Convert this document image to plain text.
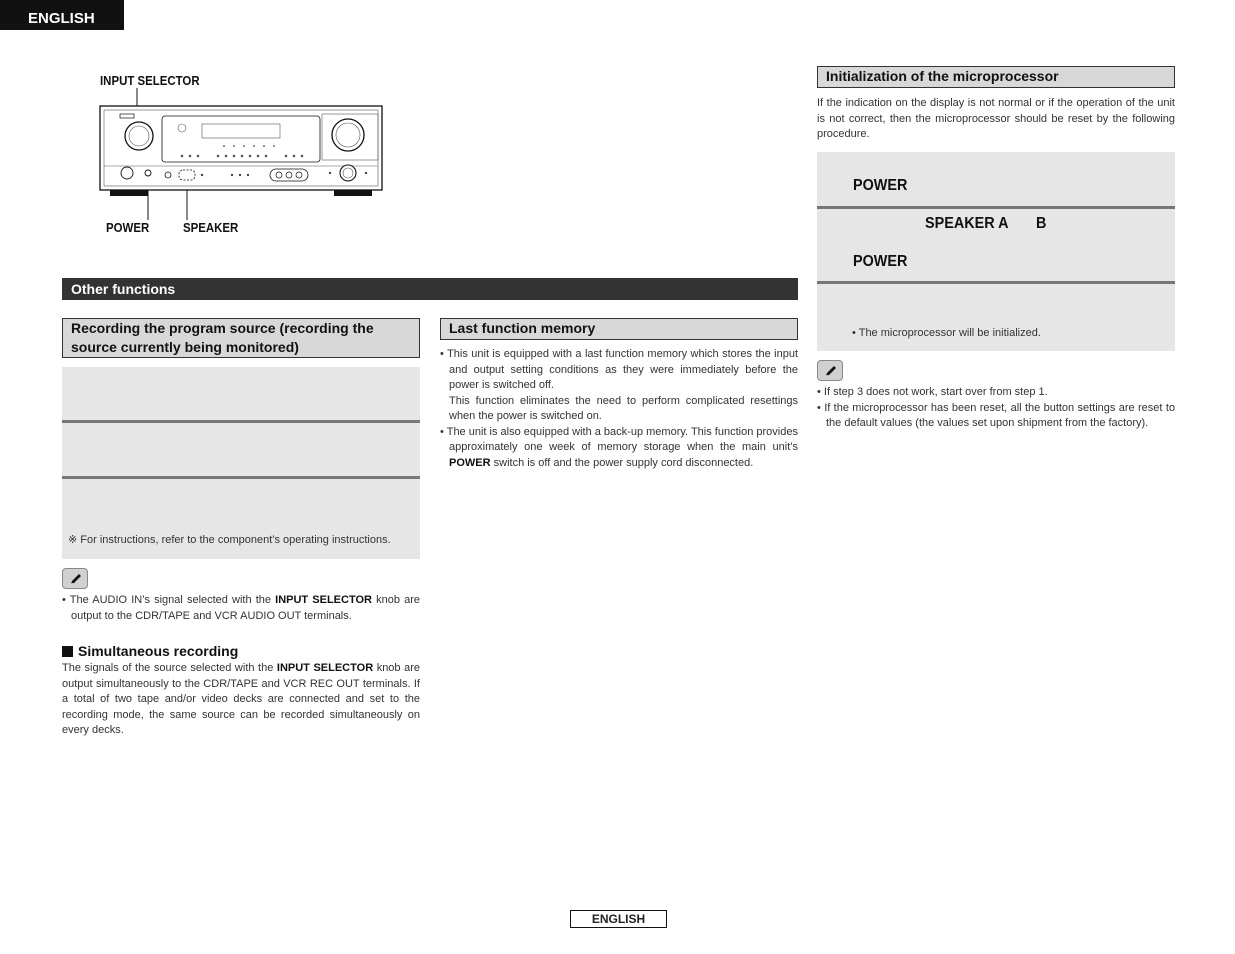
ENGLISH
INPUT SELECTOR
POWER	SPEAKER
Other functions
Recording the program source (recording the source currently being monitored)
※ For instructions, refer to the component’s operating instructions.

• The AUDIO IN’s signal selected with the INPUT SELECTOR knob are output to the CDR/TAPE and VCR AUDIO OUT terminals.

Simultaneous recording

The signals of the source selected with the INPUT SELECTOR knob are output simultaneously to the CDR/TAPE and VCR REC OUT terminals. If a total of two tape and/or video decks are connected and set to the recording mode, the same source can be recorded simultaneously on every decks.

Last function memory

• This unit is equipped with a last function memory which stores the input and output setting conditions as they were immediately before the power is switched off.

This function eliminates the need to perform complicated resettings when the power is switched on.

• The unit is also equipped with a back-up memory. This function provides approximately one week of memory storage when the main unit’s POWER switch is off and the power supply cord disconnected.

Initialization of the microprocessor
If the indication on the display is not normal or if the operation of the unit is not correct, then the microprocessor should be reset by the following procedure.
POWER
SPEAKER A B
POWER

• The microprocessor will be initialized.

• If step 3 does not work, start over from step 1.

• If the microprocessor has been reset, all the button settings are reset to the default values (the values set upon shipment from the factory).

ENGLISH
